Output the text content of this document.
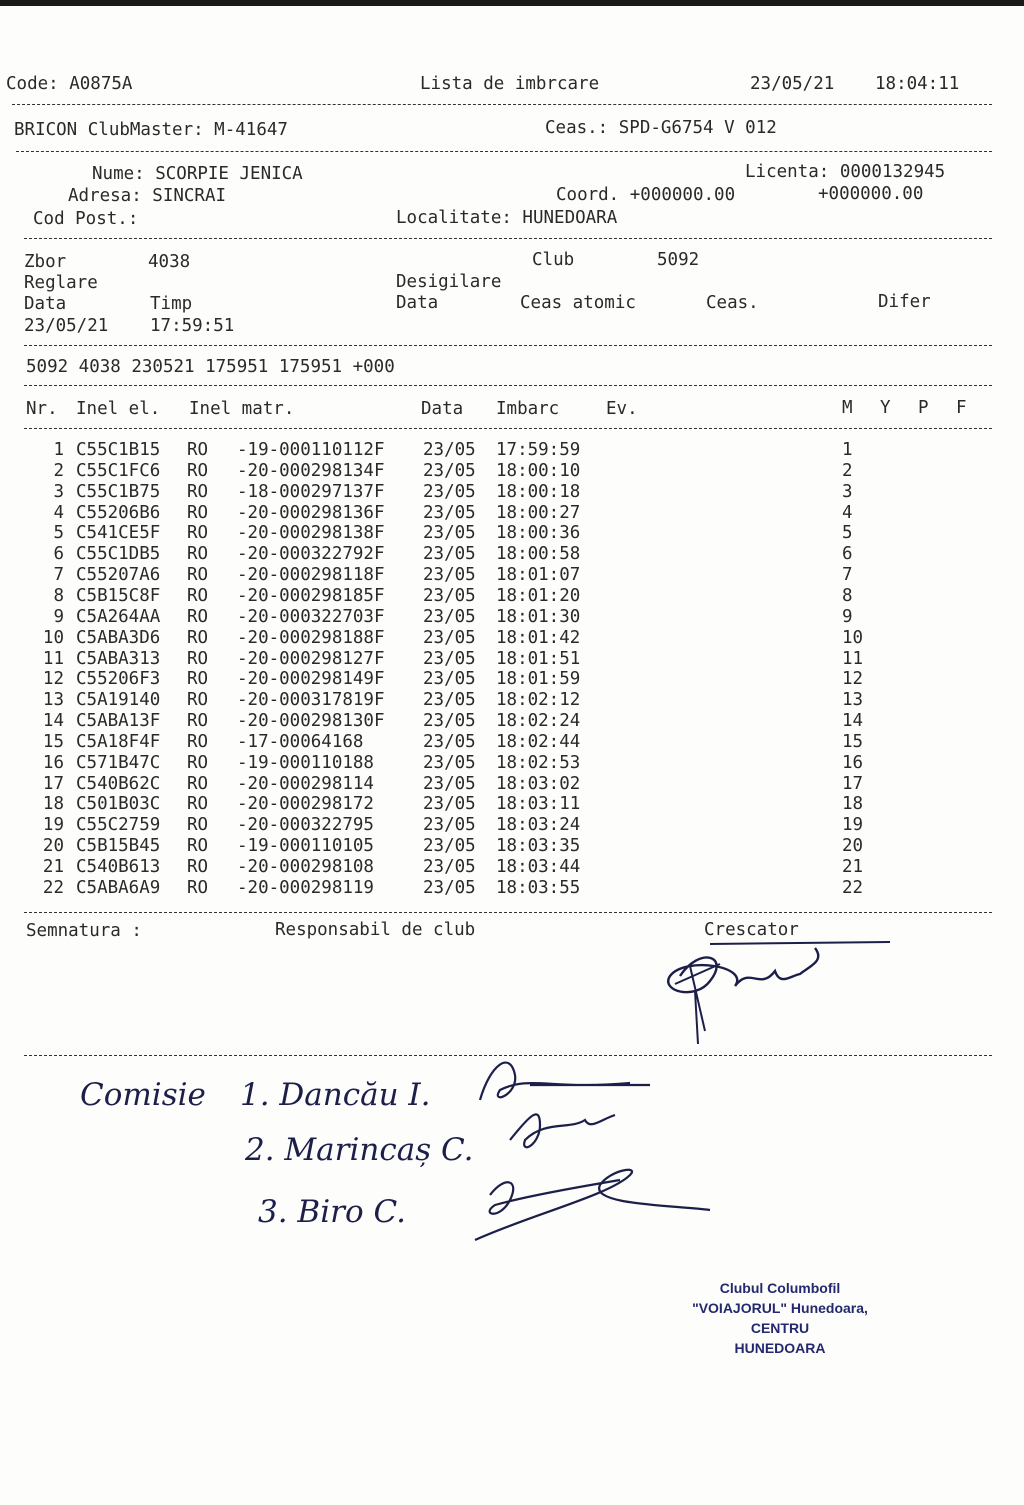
Code: A0875A	Lista de imbrcare	23/05/21 18:04:11
BRICON ClubMaster: M-41647	Ceas.: SPD-G6754 V 012
Nume: SCORPIE JENICA	Licenta: 0000132945
Adresa: SINCRAI	Coord. +000000.00	+000000.00
Cod Post.:	Localitate: HUNEDOARA
Zbor	4038	Club	5092
Reglare	Desigilare
Data	Timp	Data	Ceas atomic	Ceas.	Difer
23/05/21 17:59:51
5092 4038 230521 175951 175951 +000
Nr. Inel el. Inel matr.	Data Imbarc	Ev.	M Y P F
1 C55C1B15 RO -19-000110112F 23/05 17:59:59	1
2 C55C1FC6 RO -20-000298134F 23/05 18:00:10	2
3 C55C1B75 RO -18-000297137F 23/05 18:00:18	3
4 C55206B6 RO -20-000298136F 23/05 18:00:27	4
5 C541CE5F RO -20-000298138F 23/05 18:00:36	5
6 C55C1DB5 RO -20-000322792F 23/05 18:00:58	6
7 C55207A6 RO -20-000298118F 23/05 18:01:07	7
8 C5B15C8F RO -20-000298185F 23/05 18:01:20	8
9 C5A264AA RO -20-000322703F 23/05 18:01:30	9
10 C5ABA3D6 RO -20-000298188F 23/05 18:01:42	10
11 C5ABA313 RO -20-000298127F 23/05 18:01:51	11
12 C55206F3 RO -20-000298149F 23/05 18:01:59	12
13 C5A19140 RO -20-000317819F 23/05 18:02:12	13
14 C5ABA13F RO -20-000298130F 23/05 18:02:24	14
15 C5A18F4F RO -17-00064168	23/05 18:02:44	15
16 C571B47C RO -19-000110188	23/05 18:02:53	16
17 C540B62C RO -20-000298114	23/05 18:03:02	17
18 C501B03C RO -20-000298172	23/05 18:03:11	18
19 C55C2759 RO -20-000322795	23/05 18:03:24	19
20 C5B15B45 RO -19-000110105	23/05 18:03:35	20
21 C540B613 RO -20-000298108	23/05 18:03:44	21
22 C5ABA6A9 RO -20-000298119	23/05 18:03:55	22
Semnatura :	Responsabil de club	Crescator
Comisie 1. Dancău I.
2. Marincaș C.
3. Biro C.
Clubul Columbofil
"VOIAJORUL" Hunedoara,
CENTRU
HUNEDOARA
